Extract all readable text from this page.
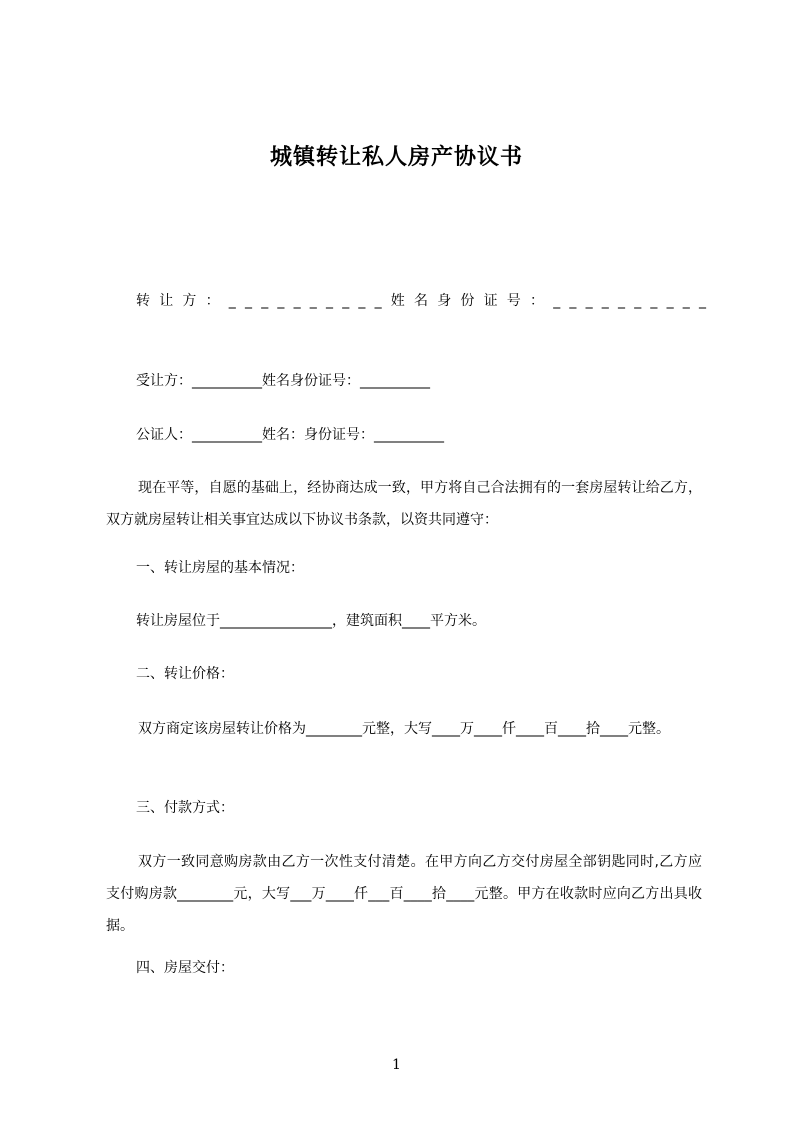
城镇转让私人房产协议书
转让方：__________姓名身份证号：__________
受让方：__________姓名身份证号：__________
公证人：__________姓名：身份证号：__________
现在平等，自愿的基础上，经协商达成一致，甲方将自己合法拥有的一套房屋转让给乙方，双方就房屋转让相关事宜达成以下协议书条款，以资共同遵守：
一、转让房屋的基本情况：
转让房屋位于________________，建筑面积____平方米。
二、转让价格：
双方商定该房屋转让价格为________元整，大写____万____仟____百____拾____元整。
三、付款方式：
双方一致同意购房款由乙方一次性支付清楚。在甲方向乙方交付房屋全部钥匙同时,乙方应支付购房款________元，大写___万____仟___百____拾____元整。甲方在收款时应向乙方出具收据。
四、房屋交付：
1
